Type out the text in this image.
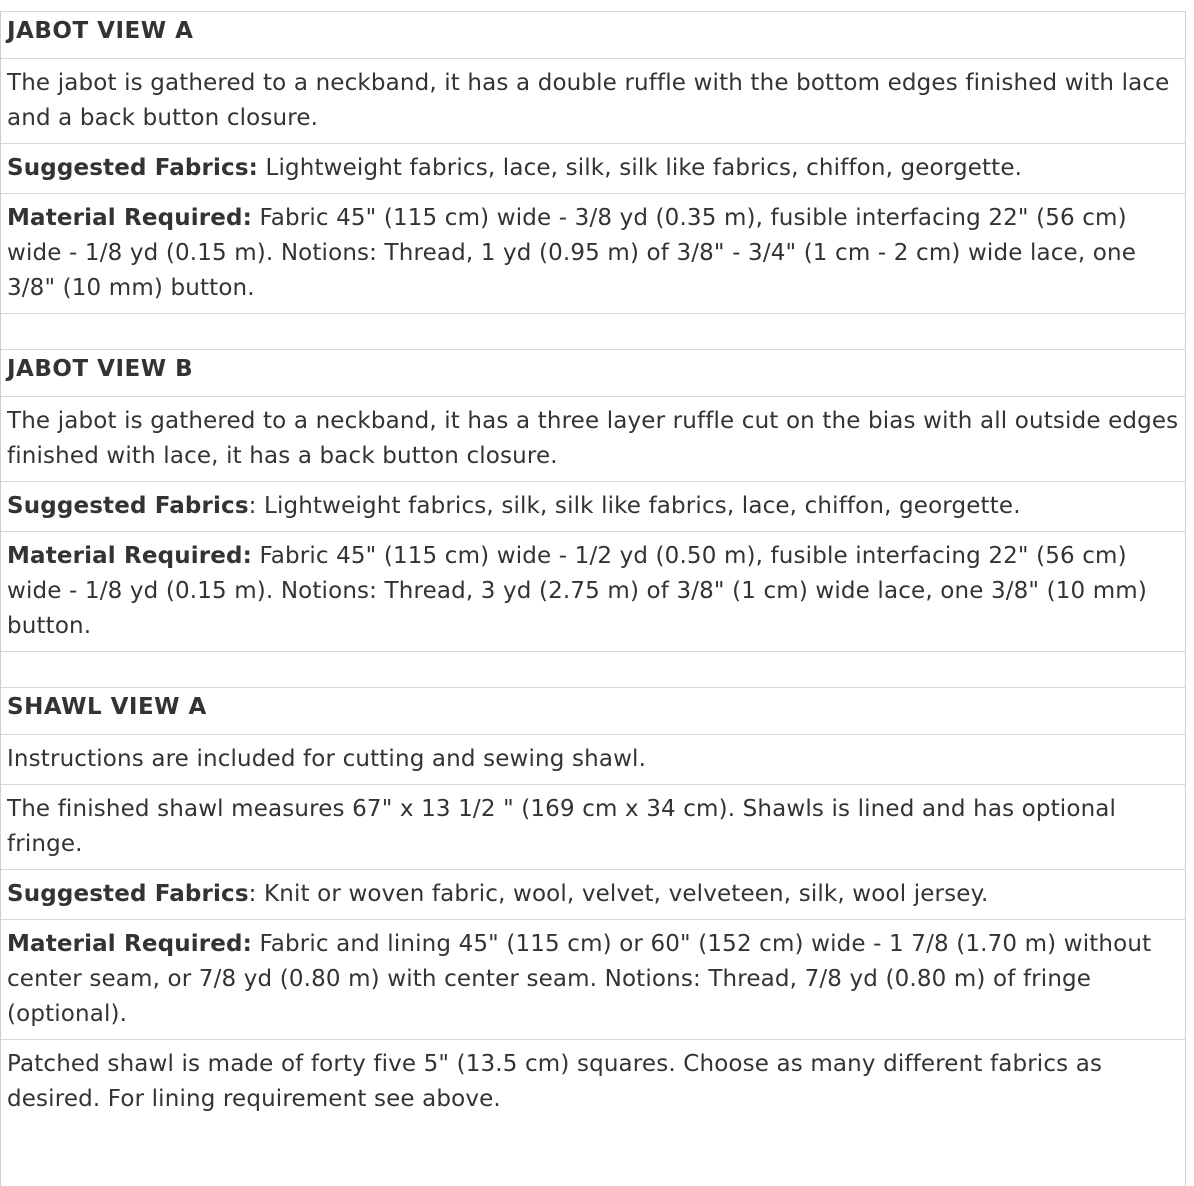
JABOT VIEW A
The jabot is gathered to a neckband, it has a double ruffle with the bottom edges finished with lace and a back button closure.
Suggested Fabrics: Lightweight fabrics, lace, silk, silk like fabrics, chiffon, georgette.
Material Required: Fabric 45" (115 cm) wide - 3/8 yd (0.35 m), fusible interfacing 22" (56 cm) wide - 1/8 yd (0.15 m). Notions: Thread, 1 yd (0.95 m) of 3/8" - 3/4" (1 cm - 2 cm) wide lace, one 3/8" (10 mm) button.
JABOT VIEW B
The jabot is gathered to a neckband, it has a three layer ruffle cut on the bias with all outside edges finished with lace, it has a back button closure.
Suggested Fabrics: Lightweight fabrics, silk, silk like fabrics, lace, chiffon, georgette.
Material Required: Fabric 45" (115 cm) wide - 1/2 yd (0.50 m), fusible interfacing 22" (56 cm) wide - 1/8 yd (0.15 m). Notions: Thread, 3 yd (2.75 m) of 3/8" (1 cm) wide lace, one 3/8" (10 mm) button.
SHAWL VIEW A
Instructions are included for cutting and sewing shawl.
The finished shawl measures 67" x 13 1/2 " (169 cm x 34 cm). Shawls is lined and has optional fringe.
Suggested Fabrics: Knit or woven fabric, wool, velvet, velveteen, silk, wool jersey.
Material Required: Fabric and lining 45" (115 cm) or 60" (152 cm) wide - 1 7/8 (1.70 m) without center seam, or 7/8 yd (0.80 m) with center seam. Notions: Thread, 7/8 yd (0.80 m) of fringe (optional).
Patched shawl is made of forty five 5" (13.5 cm) squares. Choose as many different fabrics as desired. For lining requirement see above.
